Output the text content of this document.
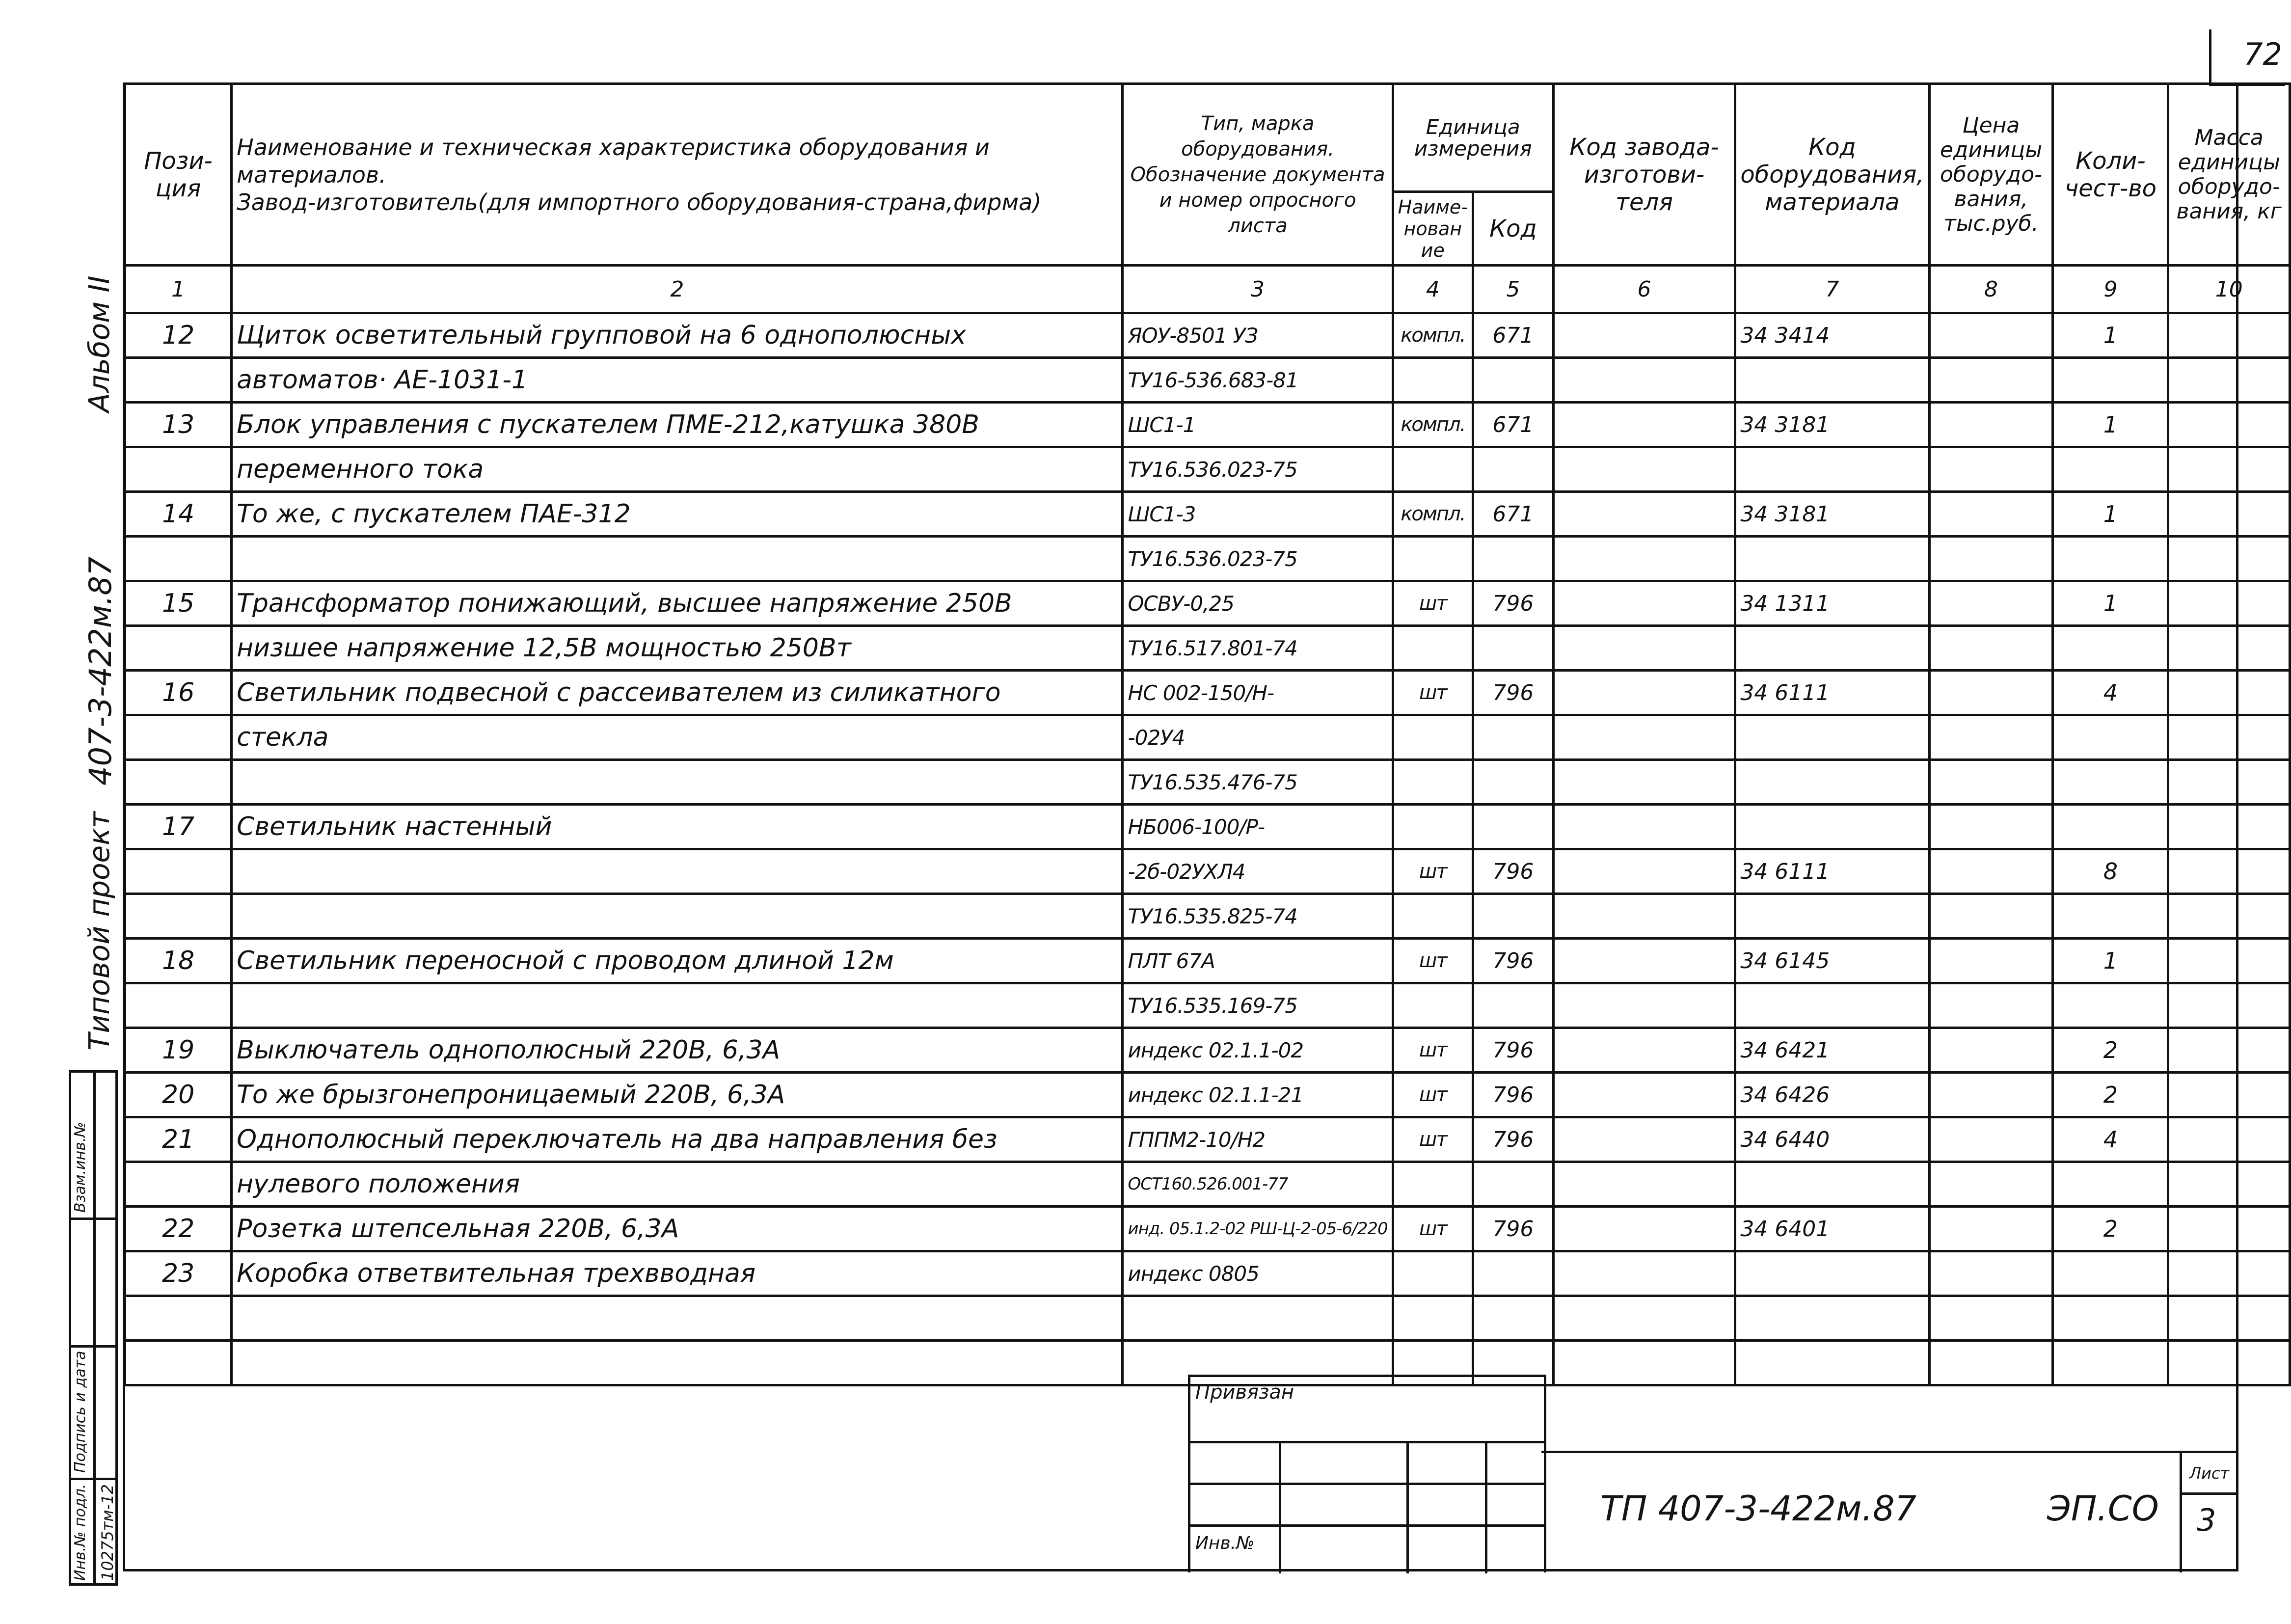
72
Альбом II
407-3-422м.87
Типовой проект
Взам.инв.№
Подпись и дата
Инв.№ подл. 10275тм-12
Пози-ция	Наименование и техническая характеристика оборудования и материалов.
Завод-изготовитель(для импортного оборудования-страна,фирма)	Тип, марка оборудования. Обозначение документа и номер опросного листа	Единица измерения		Код завода-изготови-теля	Код оборудования, материала	Цена единицы оборудо-вания, тыс.руб.	Коли-чест-во	Масса единицы оборудо-вания, кг
			Наиме-нование	Код					
1	2	3	4	5	6	7	8	9	10
12	Щиток осветительный групповой на 6 однополюсных	ЯОУ-8501 УЗ	компл.	671		34 3414		1	
	автоматов· АЕ-1031-1	ТУ16-536.683-81							
13	Блок управления с пускателем ПМЕ-212,катушка 380В	ШС1-1	компл.	671		34 3181		1	
	переменного тока	ТУ16.536.023-75							
14	То же, с пускателем ПАЕ-312	ШС1-3	компл.	671		34 3181		1	
		ТУ16.536.023-75							
15	Трансформатор понижающий, высшее напряжение 250В	ОСВУ-0,25	шт	796		34 1311		1	
	низшее напряжение 12,5В мощностью 250Вт	ТУ16.517.801-74							
16	Светильник подвесной с рассеивателем из силикатного	НС 002-150/Н-	шт	796		34 6111		4	
	стекла	-02У4							
		ТУ16.535.476-75							
17	Светильник настенный	НБ006-100/Р-							
		-2б-02УХЛ4	шт	796		34 6111		8	
		ТУ16.535.825-74							
18	Светильник переносной с проводом длиной 12м	ПЛТ 67А	шт	796		34 6145		1	
		ТУ16.535.169-75							
19	Выключатель однополюсный 220В, 6,3А	индекс 02.1.1-02	шт	796		34 6421		2	
20	То же брызгонепроницаемый 220В, 6,3А	индекс 02.1.1-21	шт	796		34 6426		2	
21	Однополюсный переключатель на два направления без	ГППМ2-10/Н2	шт	796		34 6440		4	
	нулевого положения	ОСТ160.526.001-77							
22	Розетка штепсельная 220В, 6,3А	инд. 05.1.2-02 РШ-Ц-2-05-6/220	шт	796		34 6401		2	
23	Коробка ответвительная трехвводная	индекс 0805							

Привязан
Инв.№
ТП 407-3-422м.87	ЭП.СО
Лист
3
